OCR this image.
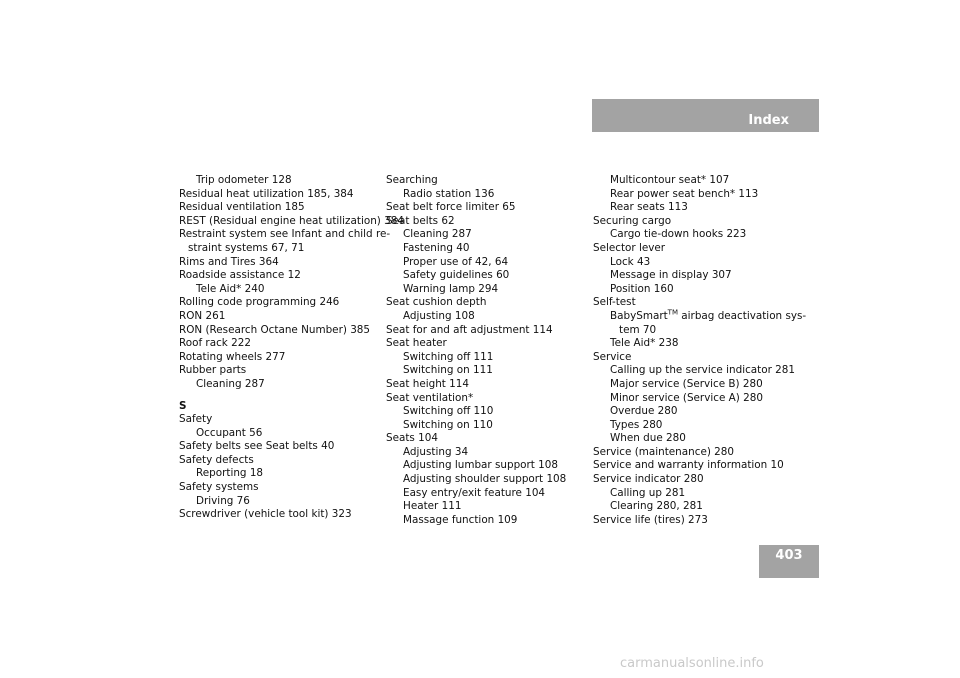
Index
Trip odometer 128
Residual heat utilization 185, 384
Residual ventilation 185
REST (Residual engine heat utilization) 384
Restraint system see Infant and child re-
straint systems 67, 71
Rims and Tires 364
Roadside assistance 12
Tele Aid* 240
Rolling code programming 246
RON 261
RON (Research Octane Number) 385
Roof rack 222
Rotating wheels 277
Rubber parts
Cleaning 287
S
Safety
Occupant 56
Safety belts see Seat belts 40
Safety defects
Reporting 18
Safety systems
Driving 76
Screwdriver (vehicle tool kit) 323
Searching
Radio station 136
Seat belt force limiter 65
Seat belts 62
Cleaning 287
Fastening 40
Proper use of 42, 64
Safety guidelines 60
Warning lamp 294
Seat cushion depth
Adjusting 108
Seat for and aft adjustment 114
Seat heater
Switching off 111
Switching on 111
Seat height 114
Seat ventilation*
Switching off 110
Switching on 110
Seats 104
Adjusting 34
Adjusting lumbar support 108
Adjusting shoulder support 108
Easy entry/exit feature 104
Heater 111
Massage function 109
Multicontour seat* 107
Rear power seat bench* 113
Rear seats 113
Securing cargo
Cargo tie-down hooks 223
Selector lever
Lock 43
Message in display 307
Position 160
Self-test
BabySmart™ airbag deactivation sys-
tem 70
Tele Aid* 238
Service
Calling up the service indicator 281
Major service (Service B) 280
Minor service (Service A) 280
Overdue 280
Types 280
When due 280
Service (maintenance) 280
Service and warranty information 10
Service indicator 280
Calling up 281
Clearing 280, 281
Service life (tires) 273
403
carmanualsonline.info
